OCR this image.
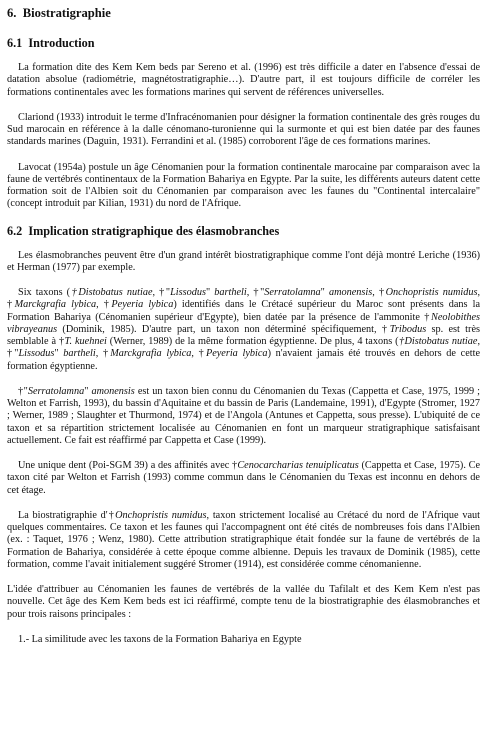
6. Biostratigraphie
6.1 Introduction

La formation dite des Kem Kem beds par Sereno et al. (1996) est très difficile a dater en l'absence d'essai de datation absolue (radiométrie, magnétostratigraphie…). D'autre part, il est toujours difficile de corréler les formations continentales avec les formations marines qui servent de références universelles.

Clariond (1933) introduit le terme d'Infracénomanien pour désigner la formation continentale des grès rouges du Sud marocain en référence à la dalle cénomano-turonienne qui la surmonte et qui est bien datée par des faunes standards marines (Daguin, 1931). Ferrandini et al. (1985) corroborent l'âge de ces formations marines.

Lavocat (1954a) postule un âge Cénomanien pour la formation continentale marocaine par comparaison avec la faune de vertébrés continentaux de la Formation Bahariya en Egypte. Par la suite, les différents auteurs datent cette formation soit de l'Albien soit du Cénomanien par comparaison avec les faunes du "Continental intercalaire" (concept introduit par Kilian, 1931) du nord de l'Afrique.

6.2 Implication stratigraphique des élasmobranches

Les élasmobranches peuvent être d'un grand intérêt biostratigraphique comme l'ont déjà montré Leriche (1936) et Herman (1977) par exemple.

Six taxons (†Distobatus nutiae, †"Lissodus" bartheli, †"Serratolamna" amonensis, †Onchopristis numidus, †Marckgrafia lybica, †Peyeria lybica) identifiés dans le Crétacé supérieur du Maroc sont présents dans la Formation Bahariya (Cénomanien supérieur d'Egypte), bien datée par la présence de l'ammonite †Neolobithes vibrayeanus (Dominik, 1985). D'autre part, un taxon non déterminé spécifiquement, †Tribodus sp. est très semblable à †T. kuehnei (Werner, 1989) de la même formation égyptienne. De plus, 4 taxons (†Distobatus nutiae, †"Lissodus" bartheli, †Marckgrafia lybica, †Peyeria lybica) n'avaient jamais été trouvés en dehors de cette formation égyptienne.

†"Serratolamna" amonensis est un taxon bien connu du Cénomanien du Texas (Cappetta et Case, 1975, 1999 ; Welton et Farrish, 1993), du bassin d'Aquitaine et du bassin de Paris (Landemaine, 1991), d'Egypte (Stromer, 1927 ; Werner, 1989 ; Slaughter et Thurmond, 1974) et de l'Angola (Antunes et Cappetta, sous presse). L'ubiquité de ce taxon et sa répartition strictement localisée au Cénomanien en font un marqueur stratigraphique satisfaisant actuellement. Ce fait est réaffirmé par Cappetta et Case (1999).

Une unique dent (Poi-SGM 39) a des affinités avec †Cenocarcharias tenuiplicatus (Cappetta et Case, 1975). Ce taxon cité par Welton et Farrish (1993) comme commun dans le Cénomanien du Texas est inconnu en dehors de cet étage.

La biostratigraphie d'†Onchopristis numidus, taxon strictement localisé au Crétacé du nord de l'Afrique vaut quelques commentaires. Ce taxon et les faunes qui l'accompagnent ont été cités de nombreuses fois dans l'Albien (ex. : Taquet, 1976 ; Wenz, 1980). Cette attribution stratigraphique était fondée sur la faune de vertébrés de la Formation de Bahariya, considérée à cette époque comme albienne. Depuis les travaux de Dominik (1985), cette formation, comme l'avait initialement suggéré Stromer (1914), est considérée comme cénomanienne.

L'idée d'attribuer au Cénomanien les faunes de vertébrés de la vallée du Tafilalt et des Kem Kem n'est pas nouvelle. Cet âge des Kem Kem beds est ici réaffirmé, compte tenu de la biostratigraphie des élasmobranches et pour trois raisons principales :

1.- La similitude avec les taxons de la Formation Bahariya en Egypte
